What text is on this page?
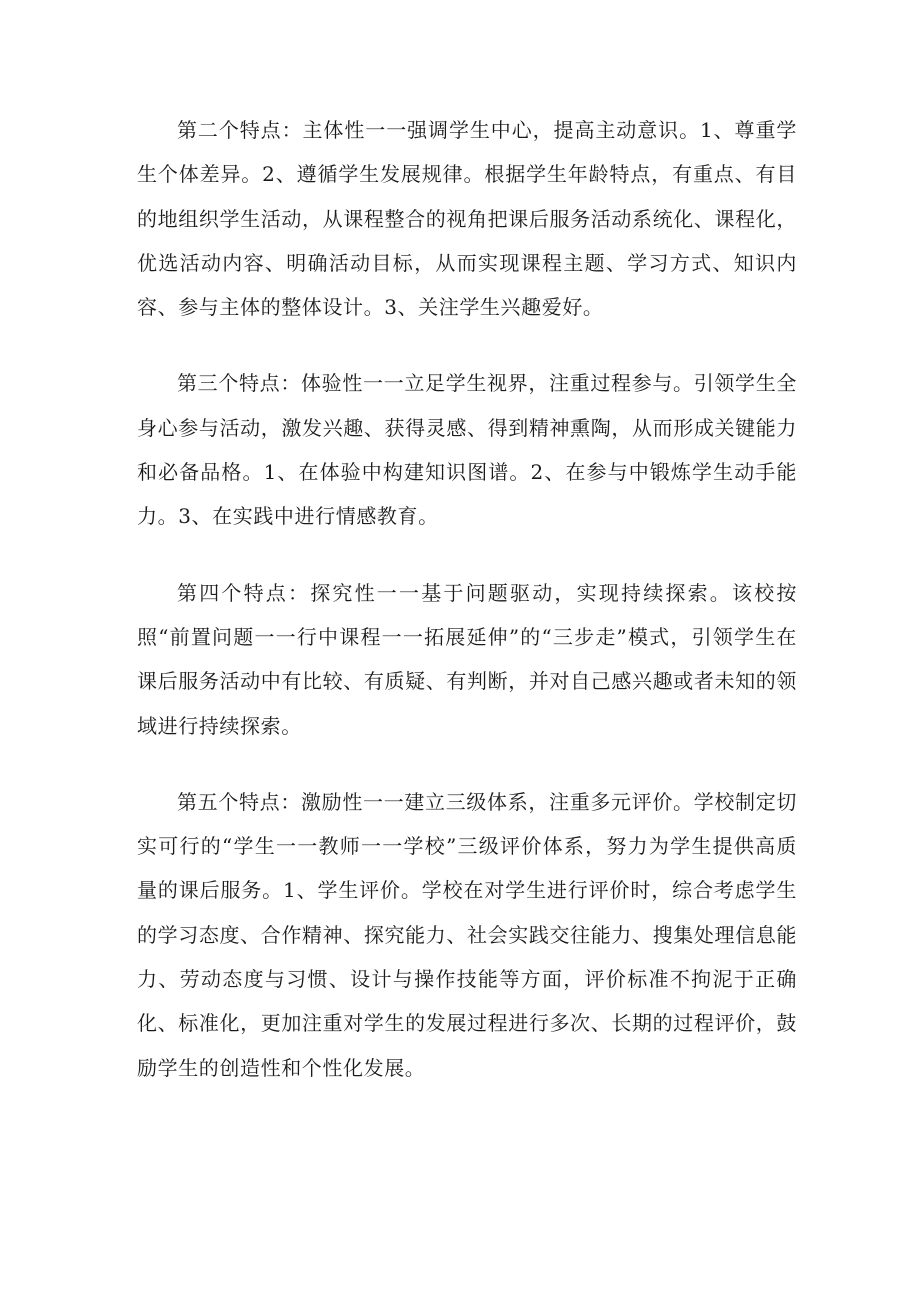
第二个特点：主体性一一强调学生中心，提高主动意识。1、尊重学生个体差异。2、遵循学生发展规律。根据学生年龄特点，有重点、有目的地组织学生活动，从课程整合的视角把课后服务活动系统化、课程化，优选活动内容、明确活动目标，从而实现课程主题、学习方式、知识内容、参与主体的整体设计。3、关注学生兴趣爱好。

第三个特点：体验性一一立足学生视界，注重过程参与。引领学生全身心参与活动，激发兴趣、获得灵感、得到精神熏陶，从而形成关键能力和必备品格。1、在体验中构建知识图谱。2、在参与中锻炼学生动手能力。3、在实践中进行情感教育。

第四个特点：探究性一一基于问题驱动，实现持续探索。该校按照“前置问题一一行中课程一一拓展延伸”的“三步走”模式，引领学生在课后服务活动中有比较、有质疑、有判断，并对自己感兴趣或者未知的领域进行持续探索。

第五个特点：激励性一一建立三级体系，注重多元评价。学校制定切实可行的“学生一一教师一一学校”三级评价体系，努力为学生提供高质量的课后服务。1、学生评价。学校在对学生进行评价时，综合考虑学生的学习态度、合作精神、探究能力、社会实践交往能力、搜集处理信息能力、劳动态度与习惯、设计与操作技能等方面，评价标准不拘泥于正确化、标准化，更加注重对学生的发展过程进行多次、长期的过程评价，鼓励学生的创造性和个性化发展。
